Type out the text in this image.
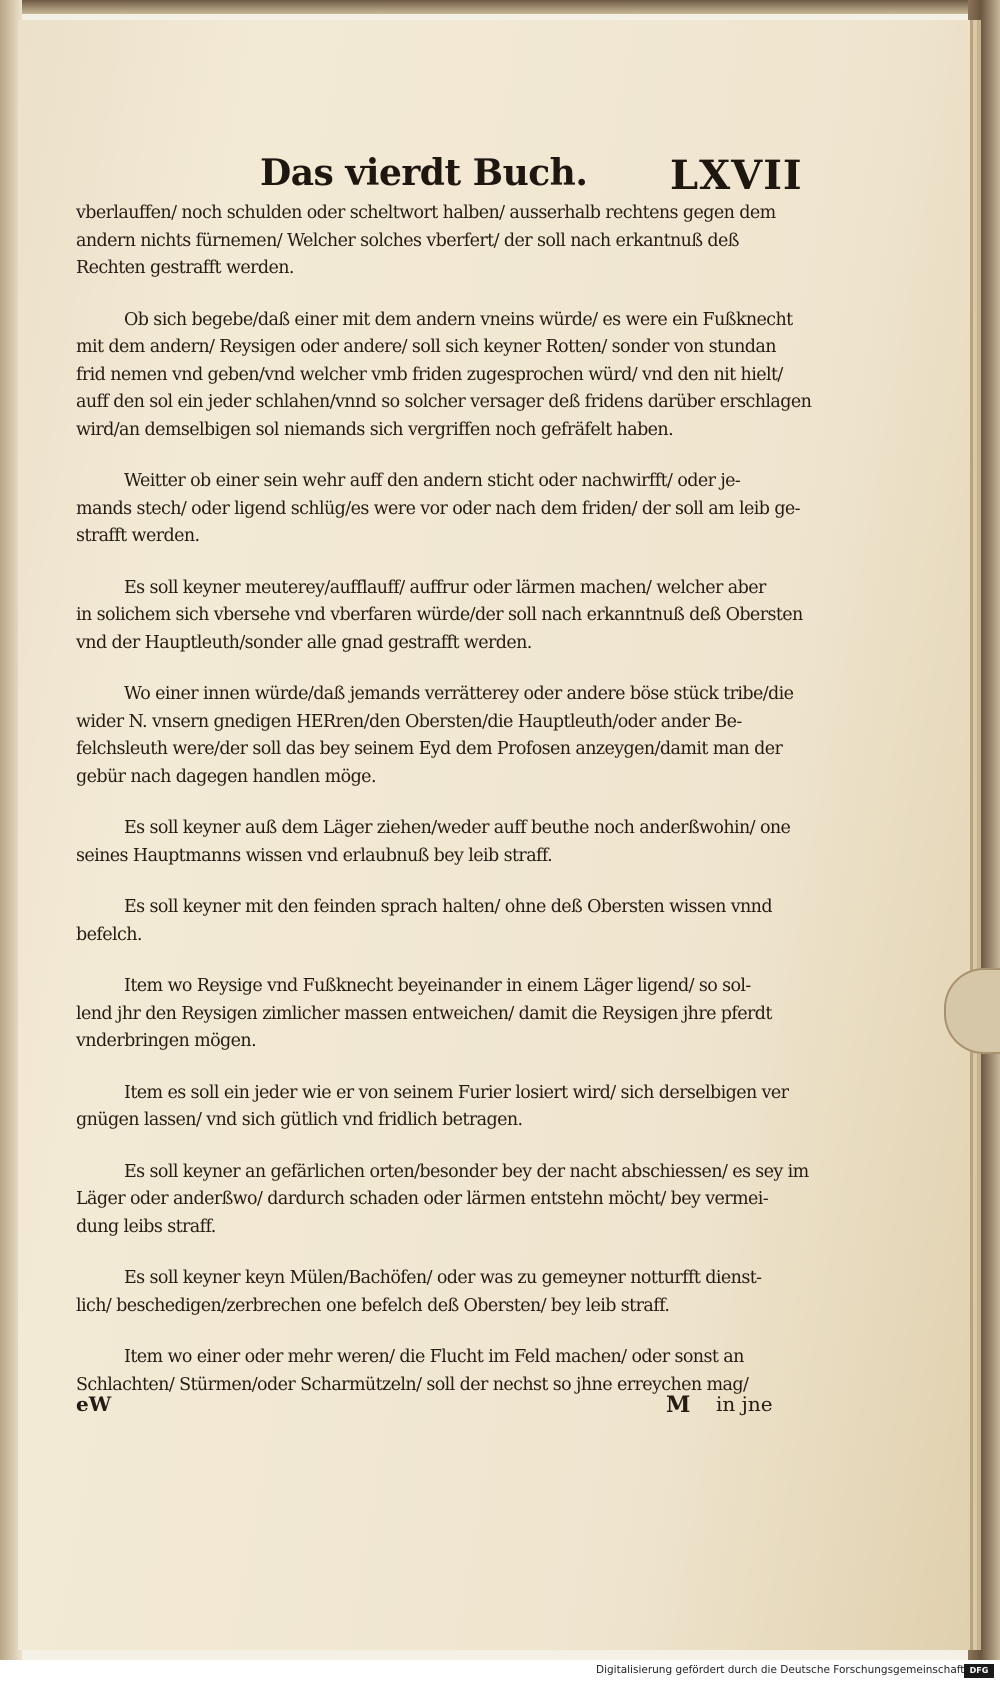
Das vierdt Buch. LXVII
vberlauffen/ noch schulden oder scheltwort halben/ ausserhalb rechtens gegen dem
andern nichts fürnemen/ Welcher solches vberfert/ der soll nach erkantnuß deß
Rechten gestrafft werden.
Ob sich begebe/daß einer mit dem andern vneins würde/ es were ein Fußknecht
mit dem andern/ Reysigen oder andere/ soll sich keyner Rotten/ sonder von stundan
frid nemen vnd geben/vnd welcher vmb friden zugesprochen würd/ vnd den nit hielt/
auff den sol ein jeder schlahen/vnnd so solcher versager deß fridens darüber erschlagen
wird/an demselbigen sol niemands sich vergriffen noch gefräfelt haben.
Weitter ob einer sein wehr auff den andern sticht oder nachwirfft/ oder je-
mands stech/ oder ligend schlüg/es were vor oder nach dem friden/ der soll am leib ge-
strafft werden.
Es soll keyner meuterey/aufflauff/ auffrur oder lärmen machen/ welcher aber
in solichem sich vbersehe vnd vberfaren würde/der soll nach erkanntnuß deß Obersten
vnd der Hauptleuth/sonder alle gnad gestrafft werden.
Wo einer innen würde/daß jemands verrätterey oder andere böse stück tribe/die
wider N. vnsern gnedigen HERren/den Obersten/die Hauptleuth/oder ander Be-
felchsleuth were/der soll das bey seinem Eyd dem Profosen anzeygen/damit man der
gebür nach dagegen handlen möge.
Es soll keyner auß dem Läger ziehen/weder auff beuthe noch anderßwohin/ one
seines Hauptmanns wissen vnd erlaubnuß bey leib straff.
Es soll keyner mit den feinden sprach halten/ ohne deß Obersten wissen vnnd
befelch.
Item wo Reysige vnd Fußknecht beyeinander in einem Läger ligend/ so sol-
lend jhr den Reysigen zimlicher massen entweichen/ damit die Reysigen jhre pferdt
vnderbringen mögen.
Item es soll ein jeder wie er von seinem Furier losiert wird/ sich derselbigen ver
gnügen lassen/ vnd sich gütlich vnd fridlich betragen.
Es soll keyner an gefärlichen orten/besonder bey der nacht abschiessen/ es sey im
Läger oder anderßwo/ dardurch schaden oder lärmen entstehn möcht/ bey vermei-
dung leibs straff.
Es soll keyner keyn Mülen/Bachöfen/ oder was zu gemeyner notturfft dienst-
lich/ beschedigen/zerbrechen one befelch deß Obersten/ bey leib straff.
Item wo einer oder mehr weren/ die Flucht im Feld machen/ oder sonst an
Schlachten/ Stürmen/oder Scharmützeln/ soll der nechst so jhne erreychen mag/
eW	M in jne
Digitalisierung gefördert durch die Deutsche Forschungsgemeinschaft DFG
